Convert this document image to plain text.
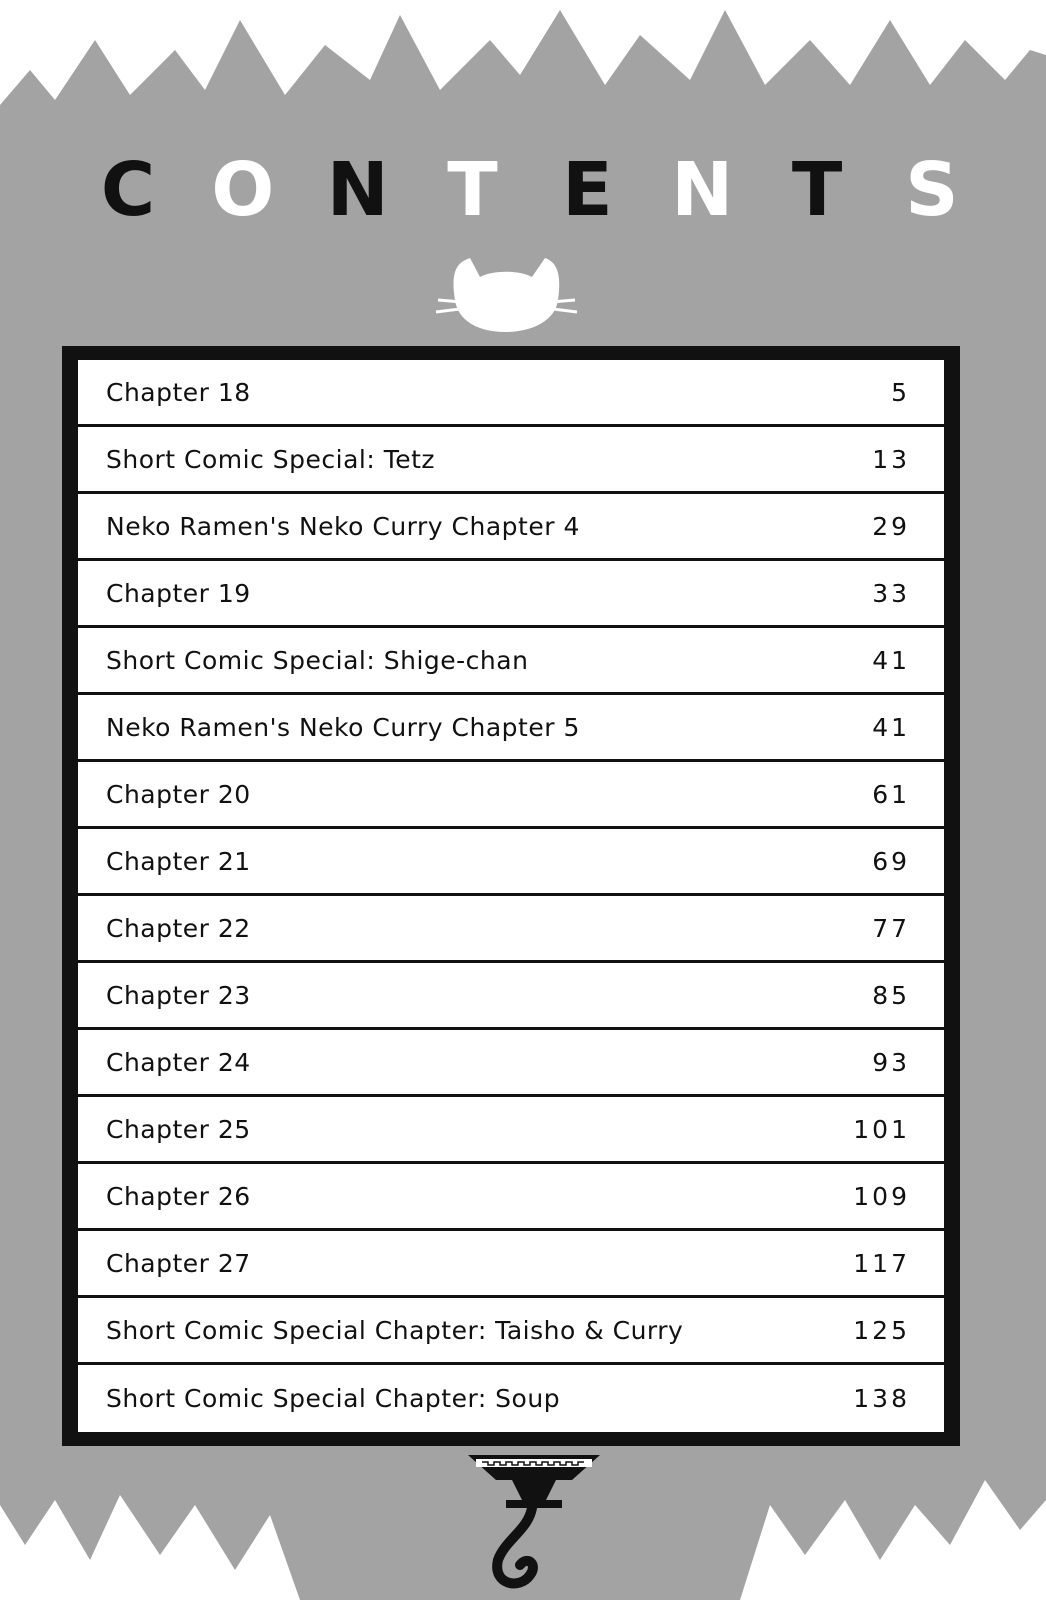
C O N T E N T S
Chapter 18	5
Short Comic Special: Tetz	13
Neko Ramen's Neko Curry Chapter 4	29
Chapter 19	33
Short Comic Special: Shige-chan	41
Neko Ramen's Neko Curry Chapter 5	41
Chapter 20	61
Chapter 21	69
Chapter 22	77
Chapter 23	85
Chapter 24	93
Chapter 25	101
Chapter 26	109
Chapter 27	117
Short Comic Special Chapter: Taisho & Curry	125
Short Comic Special Chapter: Soup	138
